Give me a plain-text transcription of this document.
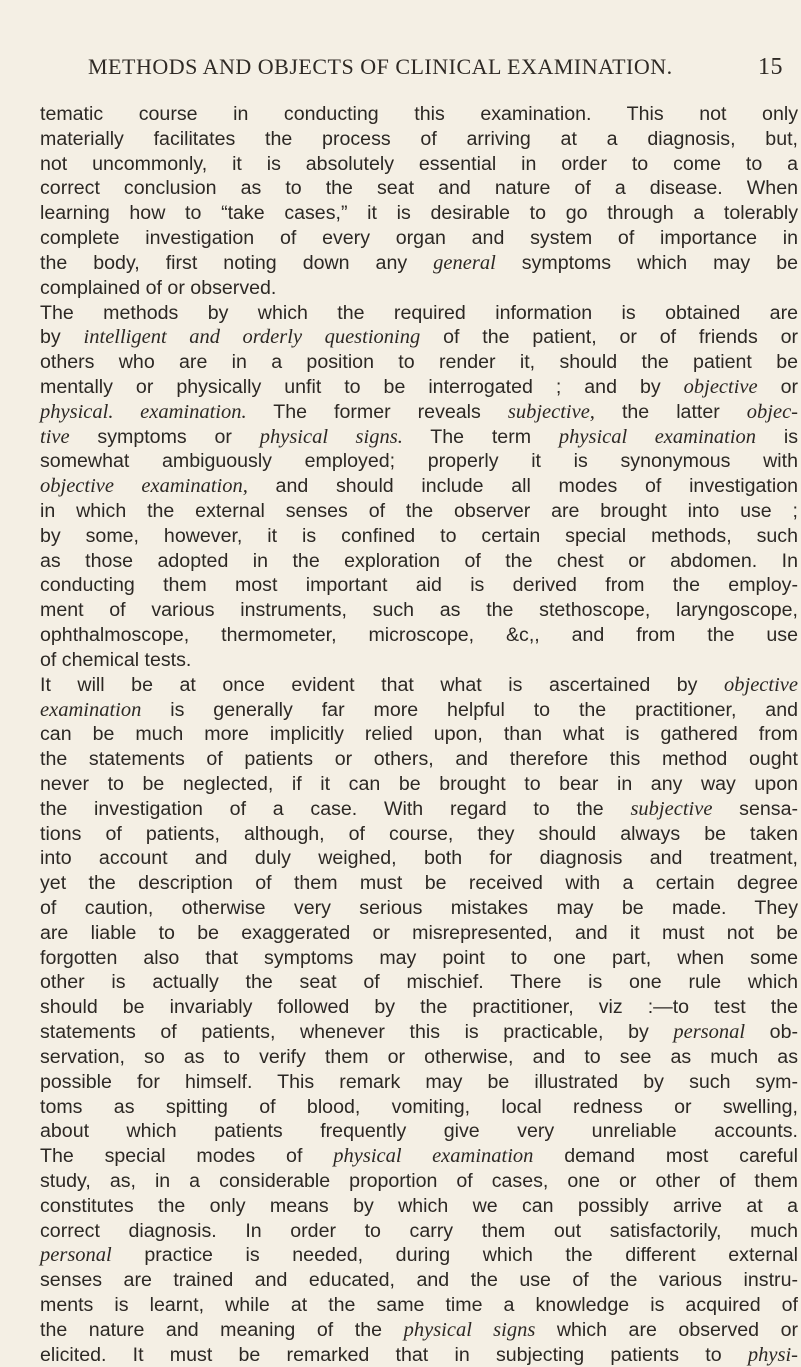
METHODS AND OBJECTS OF CLINICAL EXAMINATION.	15
tematic course in conducting this examination. This not only
materially facilitates the process of arriving at a diagnosis, but,
not uncommonly, it is absolutely essential in order to come to a
correct conclusion as to the seat and nature of a disease. When
learning how to “take cases,” it is desirable to go through a tolerably
complete investigation of every organ and system of importance in
the body, first noting down any general symptoms which may be
complained of or observed.
The methods by which the required information is obtained are
by intelligent and orderly questioning of the patient, or of friends or
others who are in a position to render it, should the patient be
mentally or physically unfit to be interrogated ; and by objective or
physical. examination. The former reveals subjective, the latter objec-
tive symptoms or physical signs. The term physical examination is
somewhat ambiguously employed; properly it is synonymous with
objective examination, and should include all modes of investigation
in which the external senses of the observer are brought into use ;
by some, however, it is confined to certain special methods, such
as those adopted in the exploration of the chest or abdomen. In
conducting them most important aid is derived from the employ-
ment of various instruments, such as the stethoscope, laryngoscope,
ophthalmoscope, thermometer, microscope, &c,, and from the use
of chemical tests.
It will be at once evident that what is ascertained by objective
examination is generally far more helpful to the practitioner, and
can be much more implicitly relied upon, than what is gathered from
the statements of patients or others, and therefore this method ought
never to be neglected, if it can be brought to bear in any way upon
the investigation of a case. With regard to the subjective sensa-
tions of patients, although, of course, they should always be taken
into account and duly weighed, both for diagnosis and treatment,
yet the description of them must be received with a certain degree
of caution, otherwise very serious mistakes may be made. They
are liable to be exaggerated or misrepresented, and it must not be
forgotten also that symptoms may point to one part, when some
other is actually the seat of mischief. There is one rule which
should be invariably followed by the practitioner, viz :—to test the
statements of patients, whenever this is practicable, by personal ob-
servation, so as to verify them or otherwise, and to see as much as
possible for himself. This remark may be illustrated by such sym-
toms as spitting of blood, vomiting, local redness or swelling,
about which patients frequently give very unreliable accounts.
The special modes of physical examination demand most careful
study, as, in a considerable proportion of cases, one or other of them
constitutes the only means by which we can possibly arrive at a
correct diagnosis. In order to carry them out satisfactorily, much
personal practice is needed, during which the different external
senses are trained and educated, and the use of the various instru-
ments is learnt, while at the same time a knowledge is acquired of
the nature and meaning of the physical signs which are observed or
elicited. It must be remarked that in subjecting patients to physi-
